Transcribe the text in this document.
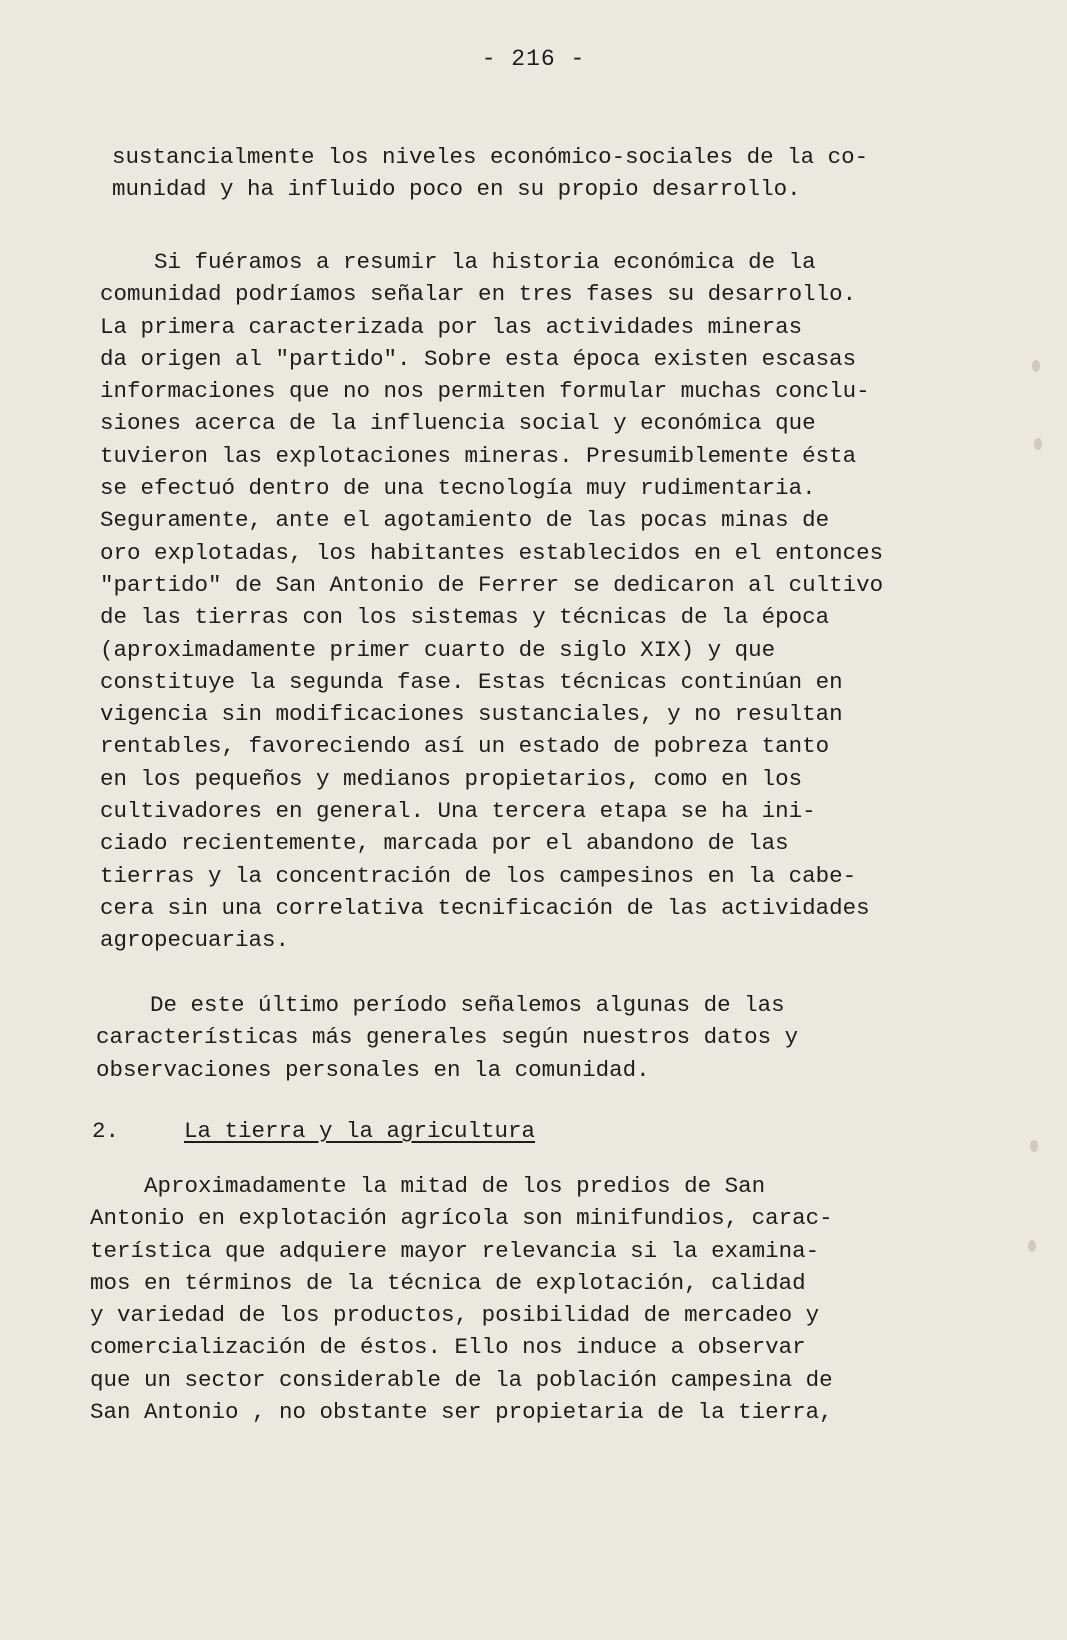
- 216 -

sustancialmente los niveles económico-sociales de la co-
munidad y ha influido poco en su propio desarrollo.

Si fuéramos a resumir la historia económica de la
comunidad podríamos señalar en tres fases su desarrollo.
La primera caracterizada por las actividades mineras
da origen al "partido". Sobre esta época existen escasas
informaciones que no nos permiten formular muchas conclu-
siones acerca de la influencia social y económica que
tuvieron las explotaciones mineras. Presumiblemente ésta
se efectuó dentro de una tecnología muy rudimentaria.
Seguramente, ante el agotamiento de las pocas minas de
oro explotadas, los habitantes establecidos en el entonces
"partido" de San Antonio de Ferrer se dedicaron al cultivo
de las tierras con los sistemas y técnicas de la época
(aproximadamente primer cuarto de siglo XIX) y que
constituye la segunda fase. Estas técnicas continúan en
vigencia sin modificaciones sustanciales, y no resultan
rentables, favoreciendo así un estado de pobreza tanto
en los pequeños y medianos propietarios, como en los
cultivadores en general. Una tercera etapa se ha ini-
ciado recientemente, marcada por el abandono de las
tierras y la concentración de los campesinos en la cabe-
cera sin una correlativa tecnificación de las actividades
agropecuarias.

De este último período señalemos algunas de las
características más generales según nuestros datos y
observaciones personales en la comunidad.

2.	La tierra y la agricultura

Aproximadamente la mitad de los predios de San
Antonio en explotación agrícola son minifundios, carac-
terística que adquiere mayor relevancia si la examina-
mos en términos de la técnica de explotación, calidad
y variedad de los productos, posibilidad de mercadeo y
comercialización de éstos. Ello nos induce a observar
que un sector considerable de la población campesina de
San Antonio , no obstante ser propietaria de la tierra,
